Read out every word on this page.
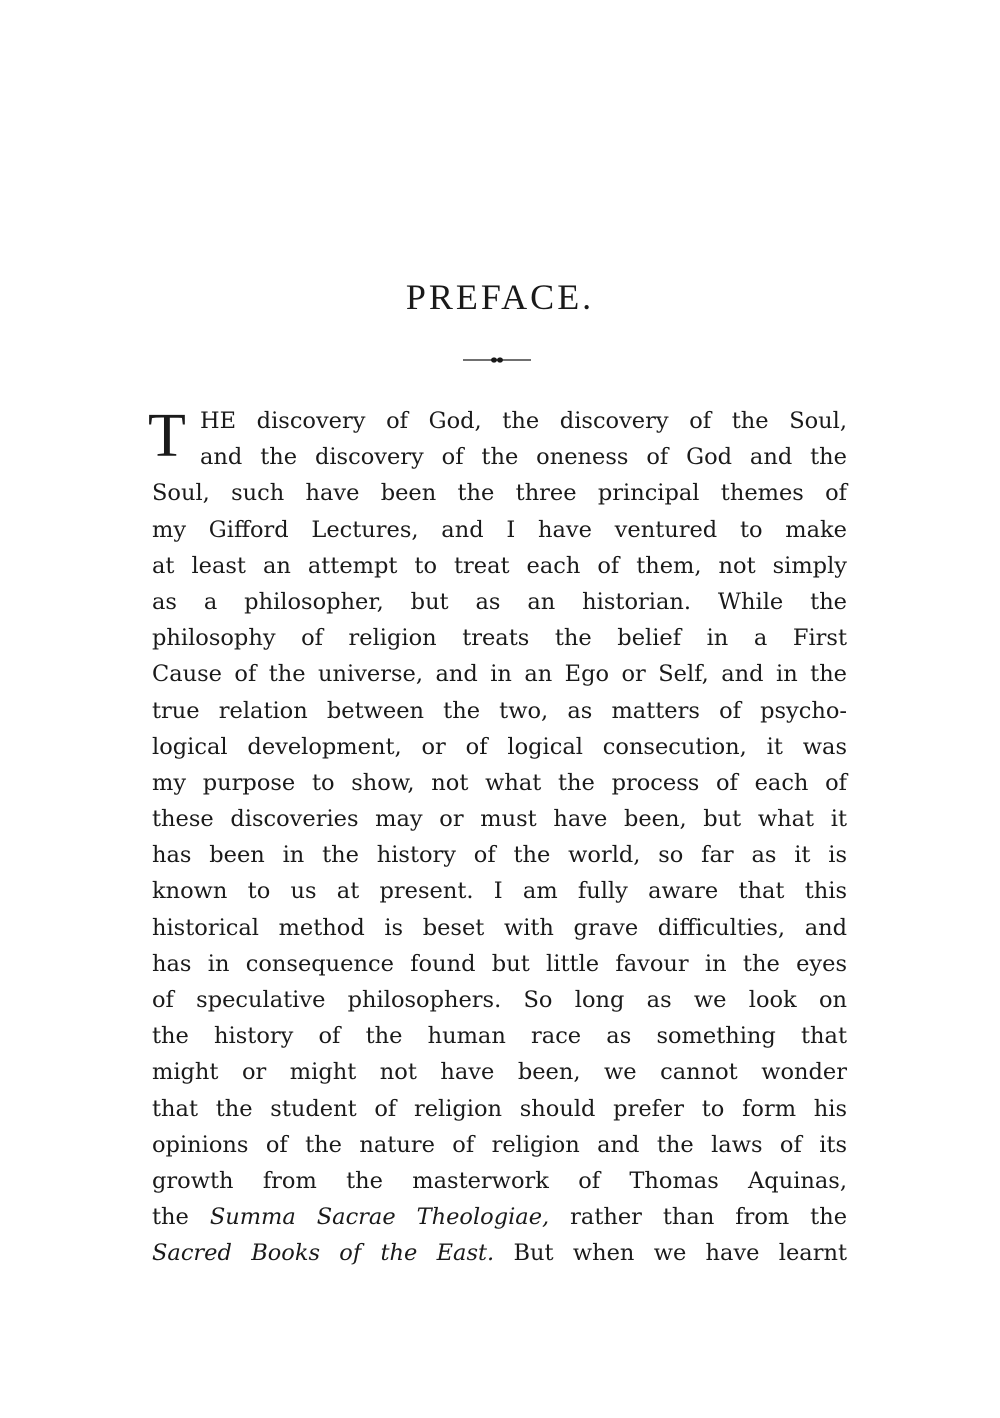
PREFACE.
T HE discovery of God, the discovery of the Soul,
and the discovery of the oneness of God and the
Soul, such have been the three principal themes of
my Gifford Lectures, and I have ventured to make
at least an attempt to treat each of them, not simply
as a philosopher, but as an historian. While the
philosophy of religion treats the belief in a First
Cause of the universe, and in an Ego or Self, and in the
true relation between the two, as matters of psycho-
logical development, or of logical consecution, it was
my purpose to show, not what the process of each of
these discoveries may or must have been, but what it
has been in the history of the world, so far as it is
known to us at present. I am fully aware that this
historical method is beset with grave difficulties, and
has in consequence found but little favour in the eyes
of speculative philosophers. So long as we look on
the history of the human race as something that
might or might not have been, we cannot wonder
that the student of religion should prefer to form his
opinions of the nature of religion and the laws of its
growth from the masterwork of Thomas Aquinas,
the Summa Sacrae Theologiae, rather than from the
Sacred Books of the East. But when we have learnt
